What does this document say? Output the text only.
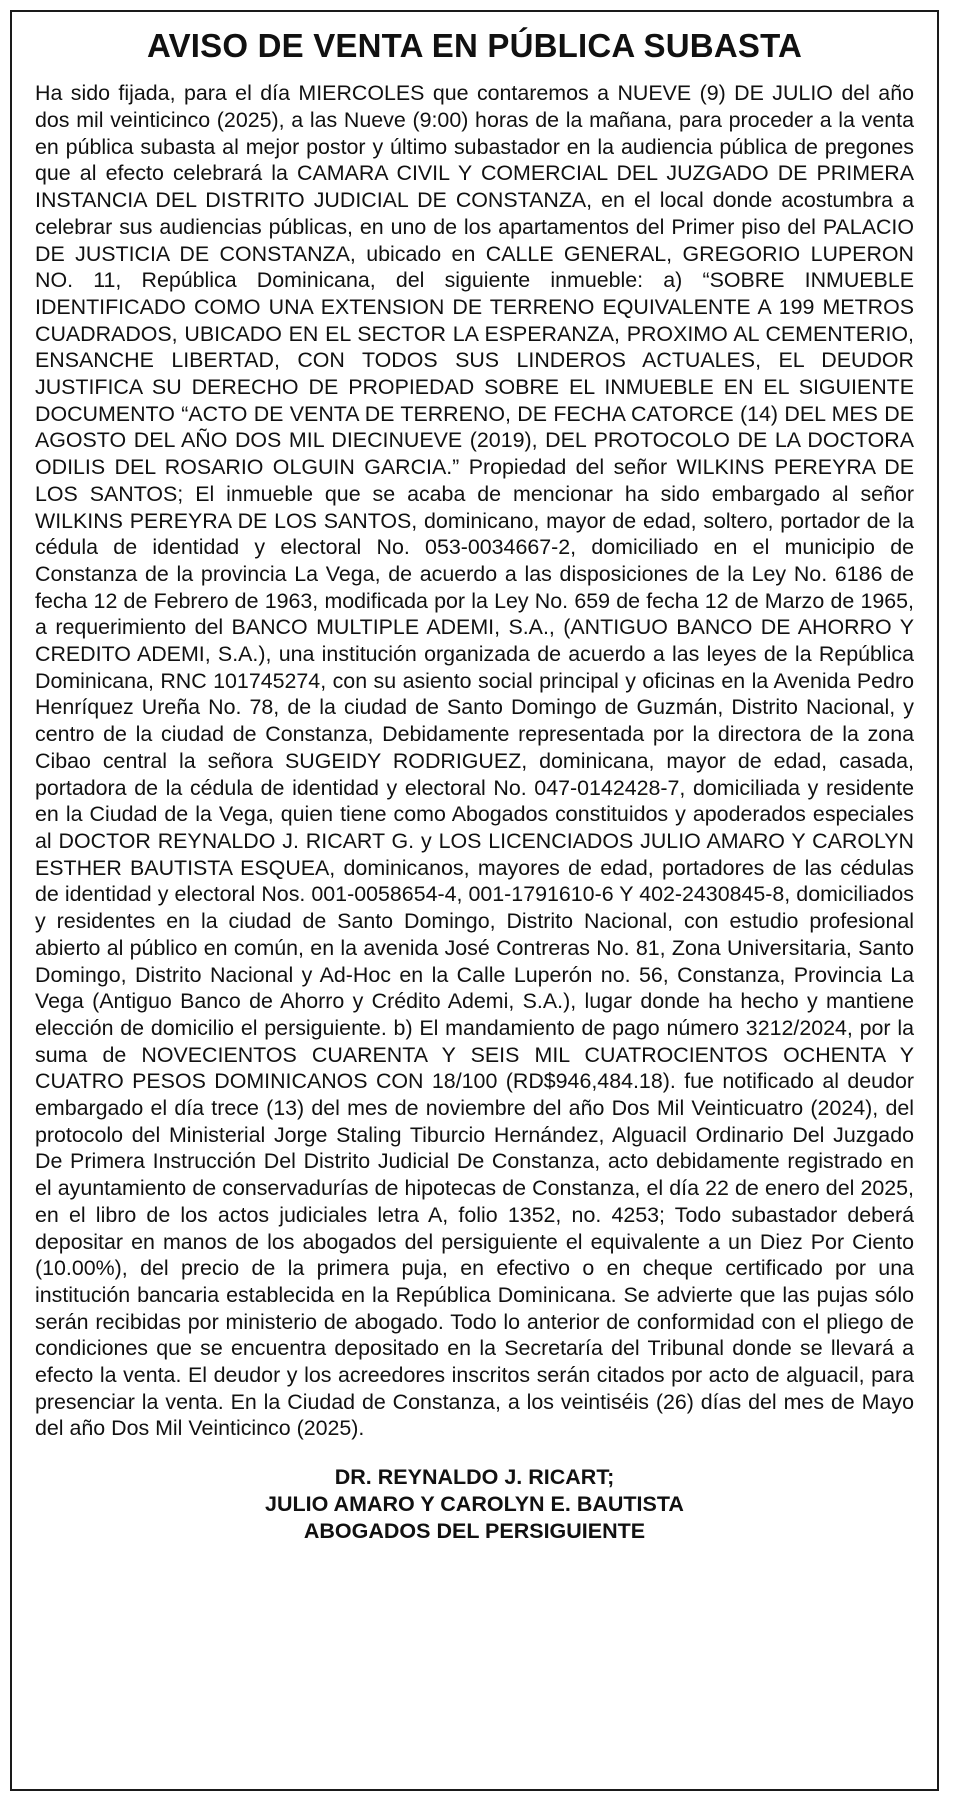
AVISO DE VENTA EN PÚBLICA SUBASTA

Ha sido fijada, para el día MIERCOLES que contaremos a NUEVE (9) DE JULIO del año dos mil veinticinco (2025), a las Nueve (9:00) horas de la mañana, para proceder a la venta en pública subasta al mejor postor y último subastador en la audiencia pública de pregones que al efecto celebrará la CAMARA CIVIL Y COMERCIAL DEL JUZGADO DE PRIMERA INSTANCIA DEL DISTRITO JUDICIAL DE CONSTANZA, en el local donde acostumbra a celebrar sus audiencias públicas, en uno de los apartamentos del Primer piso del PALACIO DE JUSTICIA DE CONSTANZA, ubicado en CALLE GENERAL, GREGORIO LUPERON NO. 11, República Dominicana, del siguiente inmueble: a) “SOBRE INMUEBLE IDENTIFICADO COMO UNA EXTENSION DE TERRENO EQUIVALENTE A 199 METROS CUADRADOS, UBICADO EN EL SECTOR LA ESPERANZA, PROXIMO AL CEMENTERIO, ENSANCHE LIBERTAD, CON TODOS SUS LINDEROS ACTUALES, EL DEUDOR JUSTIFICA SU DERECHO DE PROPIEDAD SOBRE EL INMUEBLE EN EL SIGUIENTE DOCUMENTO “ACTO DE VENTA DE TERRENO, DE FECHA CATORCE (14) DEL MES DE AGOSTO DEL AÑO DOS MIL DIECINUEVE (2019), DEL PROTOCOLO DE LA DOCTORA ODILIS DEL ROSARIO OLGUIN GARCIA.” Propiedad del señor WILKINS PEREYRA DE LOS SANTOS; El inmueble que se acaba de mencionar ha sido embargado al señor WILKINS PEREYRA DE LOS SANTOS, dominicano, mayor de edad, soltero, portador de la cédula de identidad y electoral No. 053-0034667-2, domiciliado en el municipio de Constanza de la provincia La Vega, de acuerdo a las disposiciones de la Ley No. 6186 de fecha 12 de Febrero de 1963, modificada por la Ley No. 659 de fecha 12 de Marzo de 1965, a requerimiento del BANCO MULTIPLE ADEMI, S.A., (ANTIGUO BANCO DE AHORRO Y CREDITO ADEMI, S.A.), una institución organizada de acuerdo a las leyes de la República Dominicana, RNC 101745274, con su asiento social principal y oficinas en la Avenida Pedro Henríquez Ureña No. 78, de la ciudad de Santo Domingo de Guzmán, Distrito Nacional, y centro de la ciudad de Constanza, Debidamente representada por la directora de la zona Cibao central la señora SUGEIDY RODRIGUEZ, dominicana, mayor de edad, casada, portadora de la cédula de identidad y electoral No. 047-0142428-7, domiciliada y residente en la Ciudad de la Vega, quien tiene como Abogados constituidos y apoderados especiales al DOCTOR REYNALDO J. RICART G. y LOS LICENCIADOS JULIO AMARO Y CAROLYN ESTHER BAUTISTA ESQUEA, dominicanos, mayores de edad, portadores de las cédulas de identidad y electoral Nos. 001-0058654-4, 001-1791610-6 Y 402-2430845-8, domiciliados y residentes en la ciudad de Santo Domingo, Distrito Nacional, con estudio profesional abierto al público en común, en la avenida José Contreras No. 81, Zona Universitaria, Santo Domingo, Distrito Nacional y Ad-Hoc en la Calle Luperón no. 56, Constanza, Provincia La Vega (Antiguo Banco de Ahorro y Crédito Ademi, S.A.), lugar donde ha hecho y mantiene elección de domicilio el persiguiente. b) El mandamiento de pago número 3212/2024, por la suma de NOVECIENTOS CUARENTA Y SEIS MIL CUATROCIENTOS OCHENTA Y CUATRO PESOS DOMINICANOS CON 18/100 (RD$946,484.18). fue notificado al deudor embargado el día trece (13) del mes de noviembre del año Dos Mil Veinticuatro (2024), del protocolo del Ministerial Jorge Staling Tiburcio Hernández, Alguacil Ordinario Del Juzgado De Primera Instrucción Del Distrito Judicial De Constanza, acto debidamente registrado en el ayuntamiento de conservadurías de hipotecas de Constanza, el día 22 de enero del 2025, en el libro de los actos judiciales letra A, folio 1352, no. 4253; Todo subastador deberá depositar en manos de los abogados del persiguiente el equivalente a un Diez Por Ciento (10.00%), del precio de la primera puja, en efectivo o en cheque certificado por una institución bancaria establecida en la República Dominicana. Se advierte que las pujas sólo serán recibidas por ministerio de abogado. Todo lo anterior de conformidad con el pliego de condiciones que se encuentra depositado en la Secretaría del Tribunal donde se llevará a efecto la venta. El deudor y los acreedores inscritos serán citados por acto de alguacil, para presenciar la venta. En la Ciudad de Constanza, a los veintiséis (26) días del mes de Mayo del año Dos Mil Veinticinco (2025).

DR. REYNALDO J. RICART;
JULIO AMARO Y CAROLYN E. BAUTISTA
ABOGADOS DEL PERSIGUIENTE
